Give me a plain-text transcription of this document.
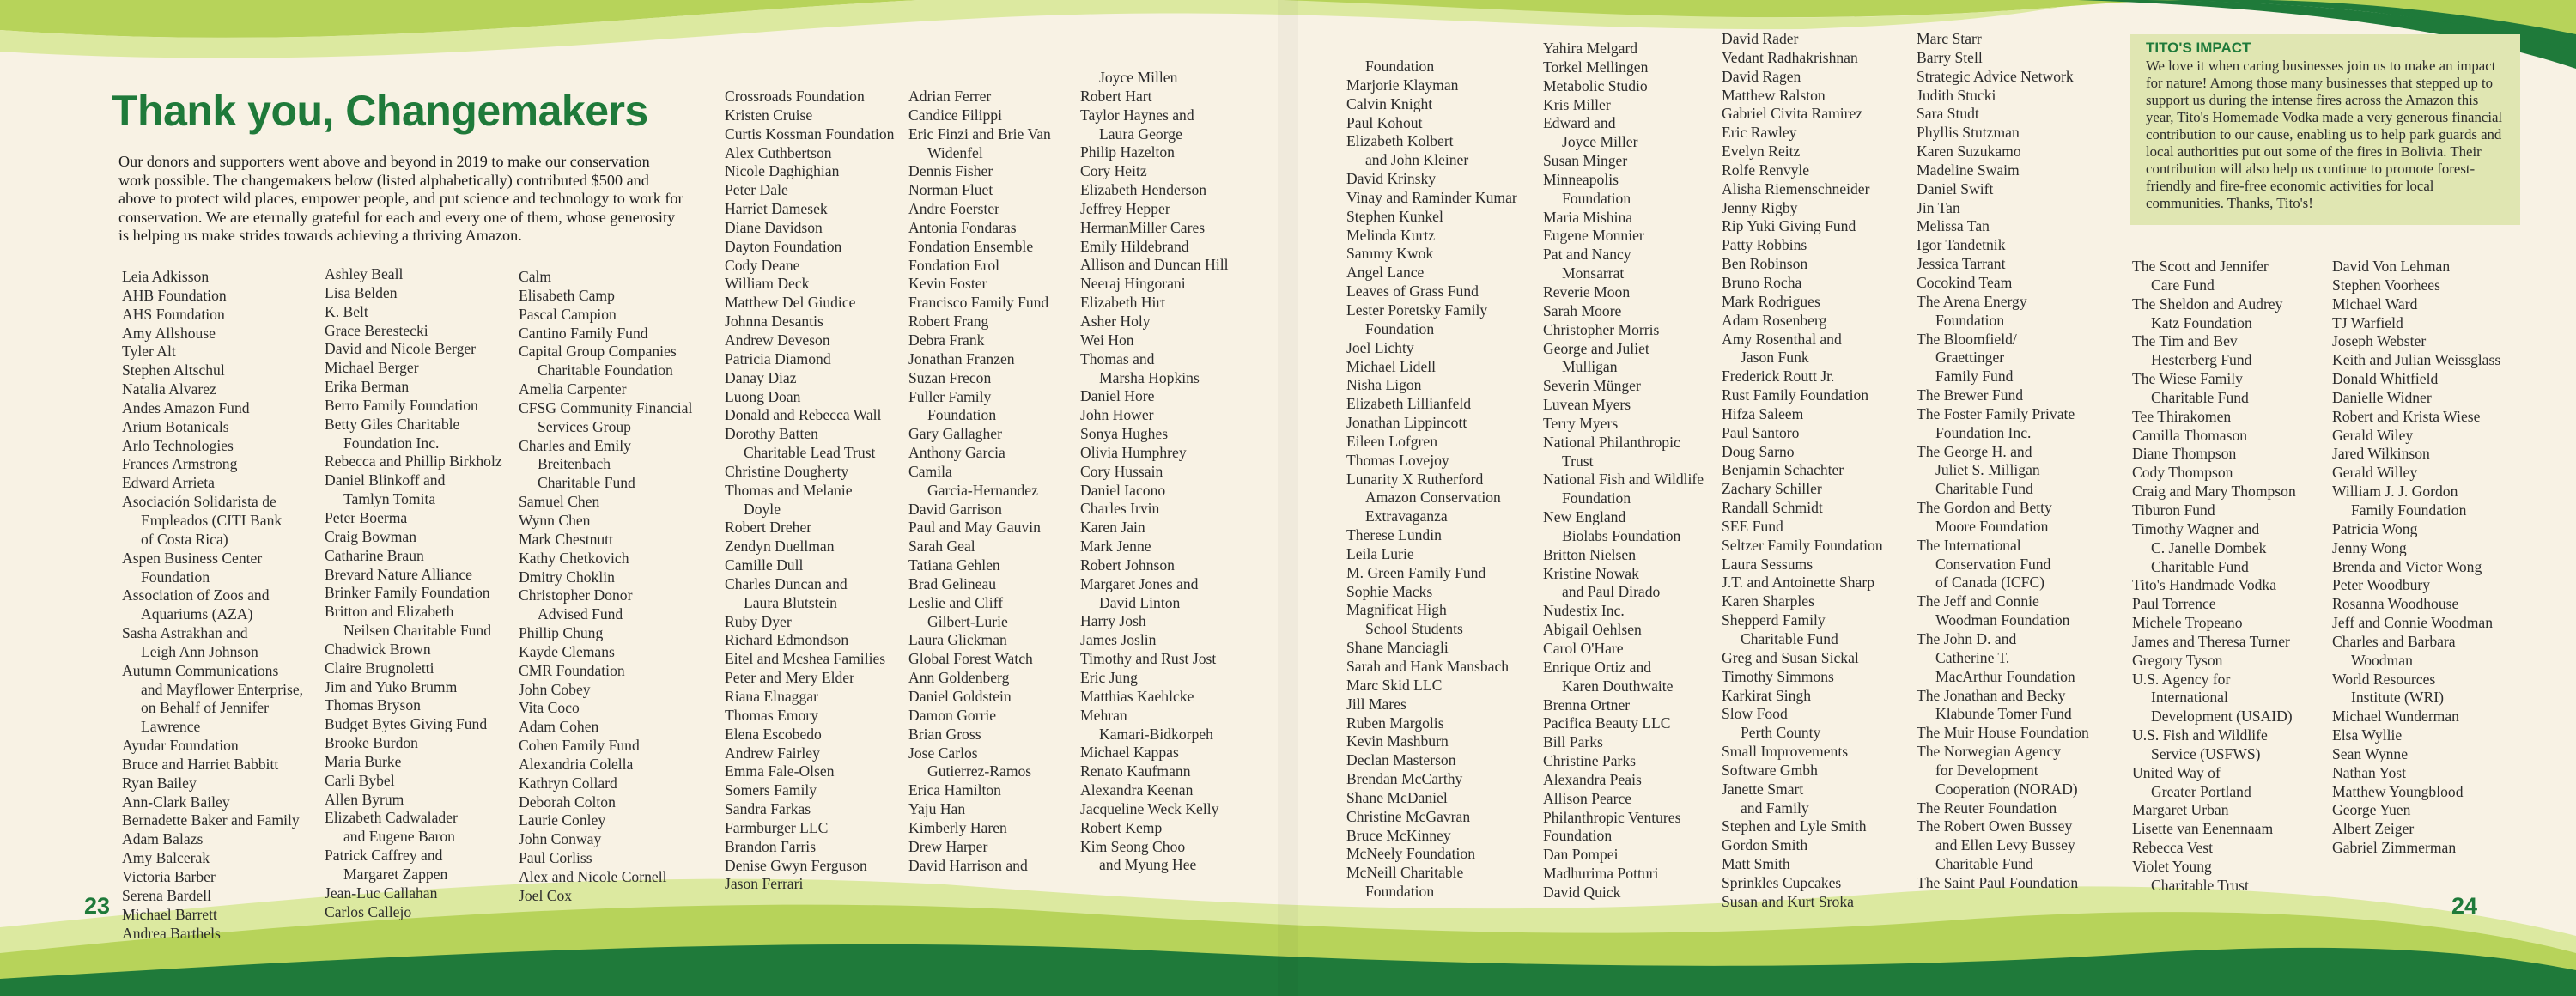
Thank you, Changemakers
Our donors and supporters went above and beyond in 2019 to make our conservation work possible. The changemakers below (listed alphabetically) contributed $500 and above to protect wild places, empower people, and put science and technology to work for conservation. We are eternally grateful for each and every one of them, whose generosity is helping us make strides towards achieving a thriving Amazon.
Leia Adkisson
AHB Foundation
AHS Foundation
Amy Allshouse
Tyler Alt
Stephen Altschul
Natalia Alvarez
Andes Amazon Fund
Arium Botanicals
Arlo Technologies
Frances Armstrong
Edward Arrieta
Asociación Solidarista de
Empleados (CITI Bank
of Costa Rica)
Aspen Business Center
Foundation
Association of Zoos and
Aquariums (AZA)
Sasha Astrakhan and
Leigh Ann Johnson
Autumn Communications
and Mayflower Enterprise,
on Behalf of Jennifer
Lawrence
Ayudar Foundation
Bruce and Harriet Babbitt
Ryan Bailey
Ann-Clark Bailey
Bernadette Baker and Family
Adam Balazs
Amy Balcerak
Victoria Barber
Serena Bardell
Michael Barrett
Andrea Barthels
Ashley Beall
Lisa Belden
K. Belt
Grace Berestecki
David and Nicole Berger
Michael Berger
Erika Berman
Berro Family Foundation
Betty Giles Charitable
Foundation Inc.
Rebecca and Phillip Birkholz
Daniel Blinkoff and
Tamlyn Tomita
Peter Boerma
Craig Bowman
Catharine Braun
Brevard Nature Alliance
Brinker Family Foundation
Britton and Elizabeth
Neilsen Charitable Fund
Chadwick Brown
Claire Brugnoletti
Jim and Yuko Brumm
Thomas Bryson
Budget Bytes Giving Fund
Brooke Burdon
Maria Burke
Carli Bybel
Allen Byrum
Elizabeth Cadwalader
and Eugene Baron
Patrick Caffrey and
Margaret Zappen
Jean-Luc Callahan
Carlos Callejo
Calm
Elisabeth Camp
Pascal Campion
Cantino Family Fund
Capital Group Companies
Charitable Foundation
Amelia Carpenter
CFSG Community Financial
Services Group
Charles and Emily
Breitenbach
Charitable Fund
Samuel Chen
Wynn Chen
Mark Chestnutt
Kathy Chetkovich
Dmitry Choklin
Christopher Donor
Advised Fund
Phillip Chung
Kayde Clemans
CMR Foundation
John Cobey
Vita Coco
Adam Cohen
Cohen Family Fund
Alexandria Colella
Kathryn Collard
Deborah Colton
Laurie Conley
John Conway
Paul Corliss
Alex and Nicole Cornell
Joel Cox
Crossroads Foundation
Kristen Cruise
Curtis Kossman Foundation
Alex Cuthbertson
Nicole Daghighian
Peter Dale
Harriet Damesek
Diane Davidson
Dayton Foundation
Cody Deane
William Deck
Matthew Del Giudice
Johnna Desantis
Andrew Deveson
Patricia Diamond
Danay Diaz
Luong Doan
Donald and Rebecca Wall
Dorothy Batten
Charitable Lead Trust
Christine Dougherty
Thomas and Melanie
Doyle
Robert Dreher
Zendyn Duellman
Camille Dull
Charles Duncan and
Laura Blutstein
Ruby Dyer
Richard Edmondson
Eitel and Mcshea Families
Peter and Mery Elder
Riana Elnaggar
Thomas Emory
Elena Escobedo
Andrew Fairley
Emma Fale-Olsen
Somers Family
Sandra Farkas
Farmburger LLC
Brandon Farris
Denise Gwyn Ferguson
Jason Ferrari
Adrian Ferrer
Candice Filippi
Eric Finzi and Brie Van
Widenfel
Dennis Fisher
Norman Fluet
Andre Foerster
Antonia Fondaras
Fondation Ensemble
Fondation Erol
Kevin Foster
Francisco Family Fund
Robert Frang
Debra Frank
Jonathan Franzen
Suzan Frecon
Fuller Family
Foundation
Gary Gallagher
Anthony Garcia
Camila
Garcia-Hernandez
David Garrison
Paul and May Gauvin
Sarah Geal
Tatiana Gehlen
Brad Gelineau
Leslie and Cliff
Gilbert-Lurie
Laura Glickman
Global Forest Watch
Ann Goldenberg
Daniel Goldstein
Damon Gorrie
Brian Gross
Jose Carlos
Gutierrez-Ramos
Erica Hamilton
Yaju Han
Kimberly Haren
Drew Harper
David Harrison and
Joyce Millen
Robert Hart
Taylor Haynes and
Laura George
Philip Hazelton
Cory Heitz
Elizabeth Henderson
Jeffrey Hepper
HermanMiller Cares
Emily Hildebrand
Allison and Duncan Hill
Neeraj Hingorani
Elizabeth Hirt
Asher Holy
Wei Hon
Thomas and
Marsha Hopkins
Daniel Hore
John Hower
Sonya Hughes
Olivia Humphrey
Cory Hussain
Daniel Iacono
Charles Irvin
Karen Jain
Mark Jenne
Robert Johnson
Margaret Jones and
David Linton
Harry Josh
James Joslin
Timothy and Rust Jost
Eric Jung
Matthias Kaehlcke
Mehran
Kamari-Bidkorpeh
Michael Kappas
Renato Kaufmann
Alexandra Keenan
Jacqueline Weck Kelly
Robert Kemp
Kim Seong Choo
and Myung Hee
Foundation
Marjorie Klayman
Calvin Knight
Paul Kohout
Elizabeth Kolbert
and John Kleiner
David Krinsky
Vinay and Raminder Kumar
Stephen Kunkel
Melinda Kurtz
Sammy Kwok
Angel Lance
Leaves of Grass Fund
Lester Poretsky Family
Foundation
Joel Lichty
Michael Lidell
Nisha Ligon
Elizabeth Lillianfeld
Jonathan Lippincott
Eileen Lofgren
Thomas Lovejoy
Lunarity X Rutherford
Amazon Conservation
Extravaganza
Therese Lundin
Leila Lurie
M. Green Family Fund
Sophie Macks
Magnificat High
School Students
Shane Manciagli
Sarah and Hank Mansbach
Marc Skid LLC
Jill Mares
Ruben Margolis
Kevin Mashburn
Declan Masterson
Brendan McCarthy
Shane McDaniel
Christine McGavran
Bruce McKinney
McNeely Foundation
McNeill Charitable
Foundation
Yahira Melgard
Torkel Mellingen
Metabolic Studio
Kris Miller
Edward and
Joyce Miller
Susan Minger
Minneapolis
Foundation
Maria Mishina
Eugene Monnier
Pat and Nancy
Monsarrat
Reverie Moon
Sarah Moore
Christopher Morris
George and Juliet
Mulligan
Severin Münger
Luvean Myers
Terry Myers
National Philanthropic
Trust
National Fish and Wildlife
Foundation
New England
Biolabs Foundation
Britton Nielsen
Kristine Nowak
and Paul Dirado
Nudestix Inc.
Abigail Oehlsen
Carol O'Hare
Enrique Ortiz and
Karen Douthwaite
Brenna Ortner
Pacifica Beauty LLC
Bill Parks
Christine Parks
Alexandra Peais
Allison Pearce
Philanthropic Ventures
Foundation
Dan Pompei
Madhurima Potturi
David Quick
David Rader
Vedant Radhakrishnan
David Ragen
Matthew Ralston
Gabriel Civita Ramirez
Eric Rawley
Evelyn Reitz
Rolfe Renvyle
Alisha Riemenschneider
Jenny Rigby
Rip Yuki Giving Fund
Patty Robbins
Ben Robinson
Bruno Rocha
Mark Rodrigues
Adam Rosenberg
Amy Rosenthal and
Jason Funk
Frederick Routt Jr.
Rust Family Foundation
Hifza Saleem
Paul Santoro
Doug Sarno
Benjamin Schachter
Zachary Schiller
Randall Schmidt
SEE Fund
Seltzer Family Foundation
Laura Sessums
J.T. and Antoinette Sharp
Karen Sharples
Shepperd Family
Charitable Fund
Greg and Susan Sickal
Timothy Simmons
Karkirat Singh
Slow Food
Perth County
Small Improvements
Software Gmbh
Janette Smart
and Family
Stephen and Lyle Smith
Gordon Smith
Matt Smith
Sprinkles Cupcakes
Susan and Kurt Sroka
Marc Starr
Barry Stell
Strategic Advice Network
Judith Stucki
Sara Studt
Phyllis Stutzman
Karen Suzukamo
Madeline Swaim
Daniel Swift
Jin Tan
Melissa Tan
Igor Tandetnik
Jessica Tarrant
Cocokind Team
The Arena Energy
Foundation
The Bloomfield/
Graettinger
Family Fund
The Brewer Fund
The Foster Family Private
Foundation Inc.
The George H. and
Juliet S. Milligan
Charitable Fund
The Gordon and Betty
Moore Foundation
The International
Conservation Fund
of Canada (ICFC)
The Jeff and Connie
Woodman Foundation
The John D. and
Catherine T.
MacArthur Foundation
The Jonathan and Becky
Klabunde Tomer Fund
The Muir House Foundation
The Norwegian Agency
for Development
Cooperation (NORAD)
The Reuter Foundation
The Robert Owen Bussey
and Ellen Levy Bussey
Charitable Fund
The Saint Paul Foundation
The Scott and Jennifer
Care Fund
The Sheldon and Audrey
Katz Foundation
The Tim and Bev
Hesterberg Fund
The Wiese Family
Charitable Fund
Tee Thirakomen
Camilla Thomason
Diane Thompson
Cody Thompson
Craig and Mary Thompson
Tiburon Fund
Timothy Wagner and
C. Janelle Dombek
Charitable Fund
Tito's Handmade Vodka
Paul Torrence
Michele Tropeano
James and Theresa Turner
Gregory Tyson
U.S. Agency for
International
Development (USAID)
U.S. Fish and Wildlife
Service (USFWS)
United Way of
Greater Portland
Margaret Urban
Lisette van Eenennaam
Rebecca Vest
Violet Young
Charitable Trust
David Von Lehman
Stephen Voorhees
Michael Ward
TJ Warfield
Joseph Webster
Keith and Julian Weissglass
Donald Whitfield
Danielle Widner
Robert and Krista Wiese
Gerald Wiley
Jared Wilkinson
Gerald Willey
William J. J. Gordon
Family Foundation
Patricia Wong
Jenny Wong
Brenda and Victor Wong
Peter Woodbury
Rosanna Woodhouse
Jeff and Connie Woodman
Charles and Barbara
Woodman
World Resources
Institute (WRI)
Michael Wunderman
Elsa Wyllie
Sean Wynne
Nathan Yost
Matthew Youngblood
George Yuen
Albert Zeiger
Gabriel Zimmerman
TITO'S IMPACT
We love it when caring businesses join us to make an impact for nature! Among those many businesses that stepped up to support us during the intense fires across the Amazon this year, Tito's Homemade Vodka made a very generous financial contribution to our cause, enabling us to help park guards and local authorities put out some of the fires in Bolivia. Their contribution will also help us continue to promote forest-friendly and fire-free economic activities for local communities. Thanks, Tito's!
23	24
